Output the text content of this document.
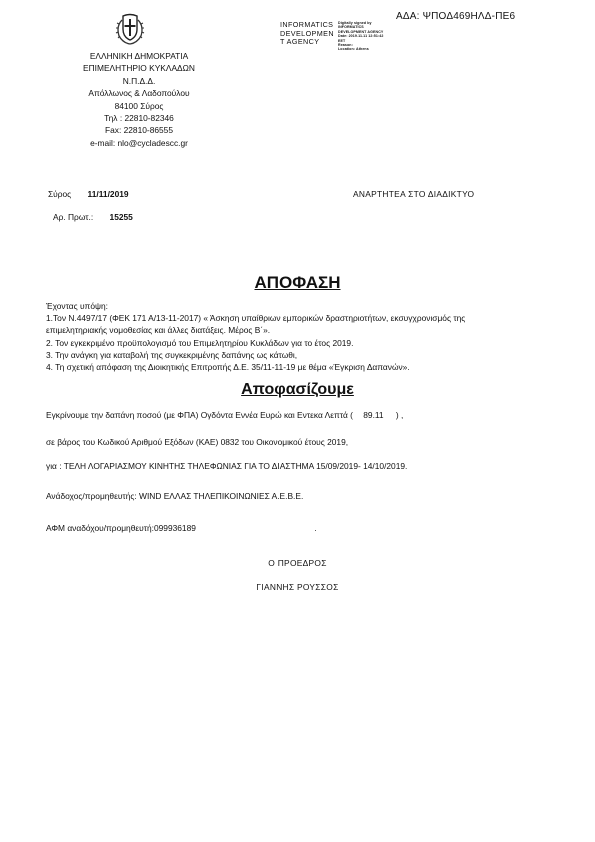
ΕΛΛΗΝΙΚΗ ΔΗΜΟΚΡΑΤΙΑ
ΕΠΙΜΕΛΗΤΗΡΙΟ ΚΥΚΛΑΔΩΝ
Ν.Π.Δ.Δ.
Απόλλωνος & Λαδοπούλου
84100 Σύρος
Τηλ : 22810-82346
Fax: 22810-86555
e-mail: nlo@cycladescc.gr
INFORMATICS
DEVELOPMEN
T AGENCY
Digitally signed by
INFORMATICS
DEVELOPMENT AGENCY
Date: 2019.11.11 12:51:42
EET
Reason:
Location: Athens
ΑΔΑ: ΨΠΟΔ469ΗΛΔ-ΠΕ6
Σύρος 11/11/2019	ΑΝΑΡΤΗΤΕΑ ΣΤΟ ΔΙΑΔΙΚΤΥΟ
Αρ. Πρωτ.: 15255
ΑΠΟΦΑΣΗ
Έχοντας υπόψη:
1.Τον Ν.4497/17 (ΦΕΚ 171 Α/13-11-2017) « Άσκηση υπαίθριων εμπορικών δραστηριοτήτων, εκσυγχρονισμός της
επιμελητηριακής νομοθεσίας και άλλες διατάξεις. Μέρος Β΄».
2. Τον εγκεκριμένο προϋπολογισμό του Επιμελητηρίου Κυκλάδων για το έτος 2019.
3. Την ανάγκη για καταβολή της συγκεκριμένης δαπάνης ως κάτωθι,
4. Τη σχετική απόφαση της Διοικητικής Επιτροπής Δ.Ε. 35/11-11-19 με θέμα «Έγκριση Δαπανών».
Αποφασίζουμε
Εγκρίνουμε την δαπάνη ποσού (με ΦΠΑ) Ογδόντα Εννέα Ευρώ και Εντεκα Λεπτά ( 89.11 ) ,
σε βάρος του Κωδικού Αριθμού Εξόδων (ΚΑΕ) 0832 του Οικονομικού έτους 2019,
για : ΤΕΛΗ ΛΟΓΑΡΙΑΣΜΟΥ ΚΙΝΗΤΗΣ ΤΗΛΕΦΩΝΙΑΣ ΓΙΑ ΤΟ ΔΙΑΣΤΗΜΑ 15/09/2019- 14/10/2019.
Ανάδοχος/προμηθευτής: WIND ΕΛΛΑΣ ΤΗΛΕΠΙΚΟΙΝΩΝΙΕΣ Α.Ε.Β.Ε.
ΑΦΜ αναδόχου/προμηθευτή:099936189	.
Ο ΠΡΟΕΔΡΟΣ
ΓΙΑΝΝΗΣ ΡΟΥΣΣΟΣ
